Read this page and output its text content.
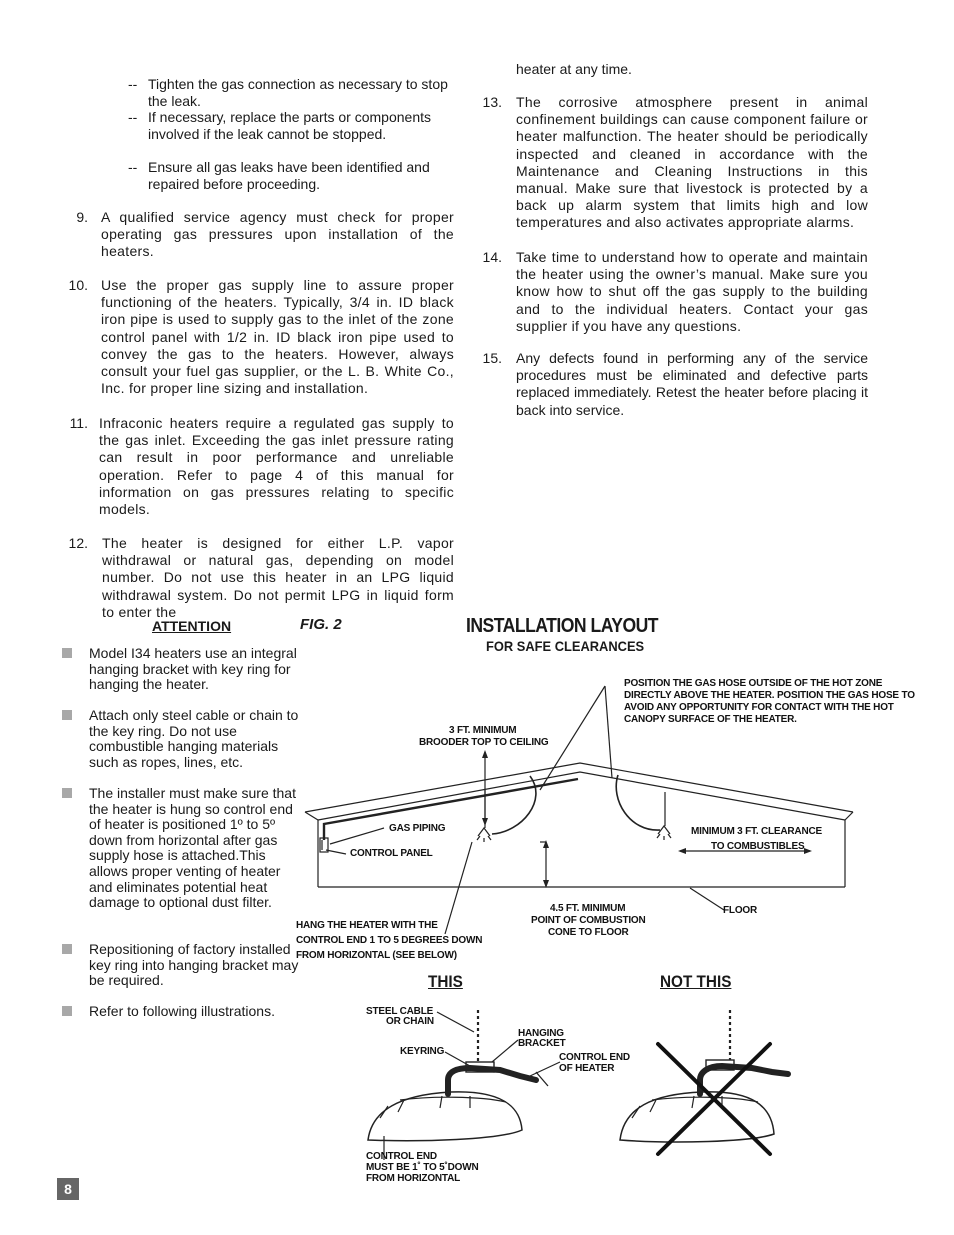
-- Tighten the gas connection as necessary to stop the leak.
-- If necessary, replace the parts or components involved if the leak cannot be stopped.
-- Ensure all gas leaks have been identified and repaired before proceeding.
9. A qualified service agency must check for proper operating gas pressures upon installation of the heaters.
10. Use the proper gas supply line to assure proper functioning of the heaters. Typically, 3/4 in. ID black iron pipe is used to supply gas to the inlet of the zone control panel with 1/2 in. ID black iron pipe used to convey the gas to the heaters. However, always consult your fuel gas supplier, or the L. B. White Co., Inc. for proper line sizing and installation.
11. Infraconic heaters require a regulated gas supply to the gas inlet. Exceeding the gas inlet pressure rating can result in poor performance and unreliable operation. Refer to page 4 of this manual for information on gas pressures relating to specific models.
12. The heater is designed for either L.P. vapor withdrawal or natural gas, depending on model number. Do not use this heater in an LPG liquid withdrawal system. Do not permit LPG in liquid form to enter the
heater at any time.
13. The corrosive atmosphere present in animal confinement buildings can cause component failure or heater malfunction. The heater should be periodically inspected and cleaned in accordance with the Maintenance and Cleaning Instructions in this manual. Make sure that livestock is protected by a back up alarm system that limits high and low temperatures and also activates appropriate alarms.
14. Take time to understand how to operate and maintain the heater using the owner’s manual. Make sure you know how to shut off the gas supply to the building and to the individual heaters. Contact your gas supplier if you have any questions.
15. Any defects found in performing any of the service procedures must be eliminated and defective parts replaced immediately. Retest the heater before placing it back into service.
ATTENTION
Model I34 heaters use an integral hanging bracket with key ring for hanging the heater.
Attach only steel cable or chain to the key ring. Do not use combustible hanging materials such as ropes, lines, etc.
The installer must make sure that the heater is hung so control end of heater is positioned 1º to 5º down from horizontal after gas supply hose is attached.This allows proper venting of heater and eliminates potential heat damage to optional dust filter.
Repositioning of factory installed key ring into hanging bracket may be required.
Refer to following illustrations.
FIG. 2	INSTALLATION LAYOUT
FOR SAFE CLEARANCES
POSITION THE GAS HOSE OUTSIDE OF THE HOT ZONE DIRECTLY ABOVE THE HEATER. POSITION THE GAS HOSE TO AVOID ANY OPPORTUNITY FOR CONTACT WITH THE HOT CANOPY SURFACE OF THE HEATER.
3 FT. MINIMUM
BROODER TOP TO CEILING
GAS PIPING
CONTROL PANEL
MINIMUM 3 FT. CLEARANCE
TO COMBUSTIBLES
FLOOR
4.5 FT. MINIMUM
POINT OF COMBUSTION
CONE TO FLOOR
HANG THE HEATER WITH THE
CONTROL END 1 TO 5 DEGREES DOWN
FROM HORIZONTAL (SEE BELOW)
THIS	NOT THIS
STEEL CABLE
OR CHAIN
KEYRING
HANGING
BRACKET
CONTROL END
OF HEATER
CONTROL END
MUST BE 1˚ TO 5˚DOWN
FROM HORIZONTAL
8
